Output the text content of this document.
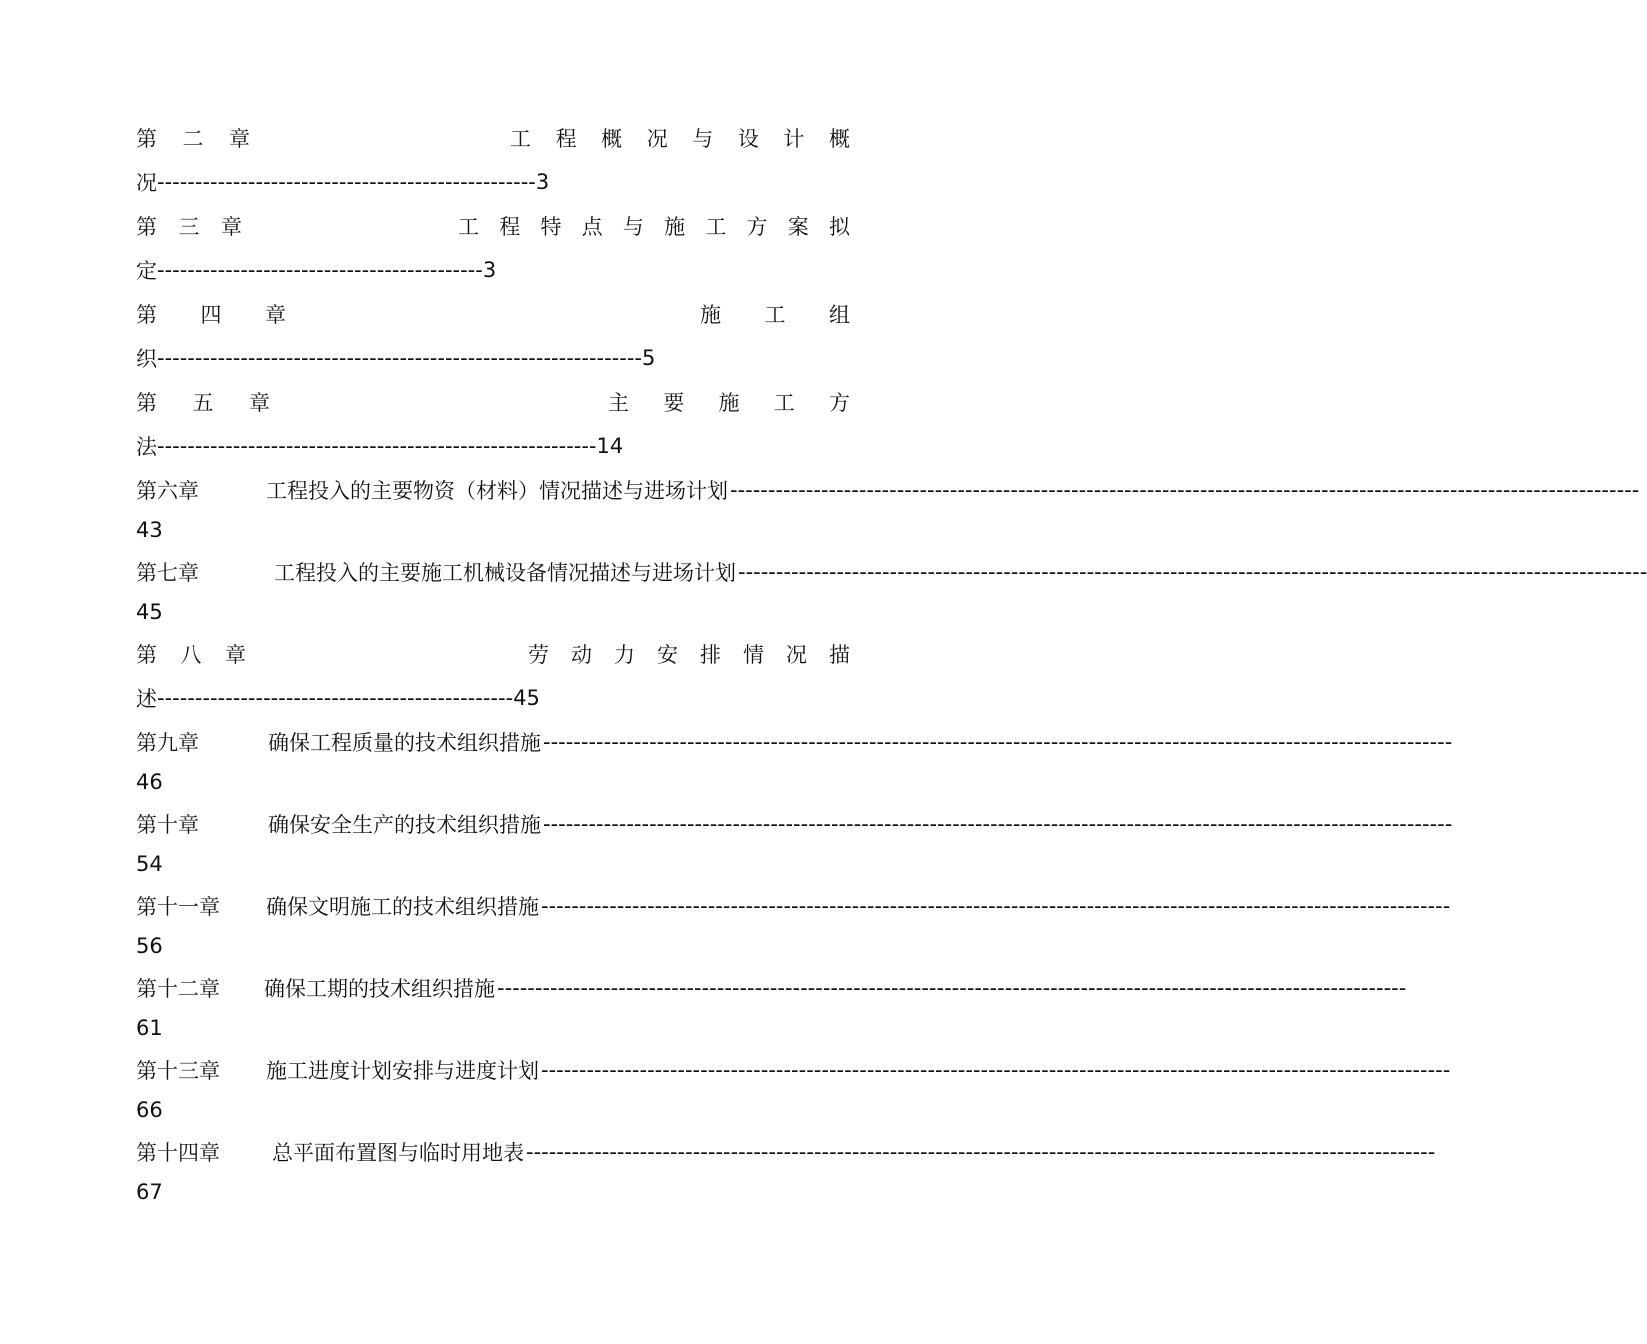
第 二 章	工 程 概 况 与 设 计 概
况 -------------------------------------------------- 3
第 三 章	工 程 特 点 与 施 工 方 案 拟
定 ------------------------------------------- 3
第 四 章	施 工 组
织 ---------------------------------------------------------------- 5
第 五 章	主 要 施 工 方
法 ---------------------------------------------------------- 14
第六章	工程投入的主要物资（材料）情况描述与进场计划 ------------------------------------------------------------------------------------------------------------------------
43
第七章	工程投入的主要施工机械设备情况描述与进场计划 ------------------------------------------------------------------------------------------------------------------------
45
第 八 章	劳 动 力 安 排 情 况 描
述 ----------------------------------------------- 45
第九章	确保工程质量的技术组织措施 ------------------------------------------------------------------------------------------------------------------------
46
第十章	确保安全生产的技术组织措施 ------------------------------------------------------------------------------------------------------------------------
54
第十一章	确保文明施工的技术组织措施 ------------------------------------------------------------------------------------------------------------------------
56
第十二章	确保工期的技术组织措施 ------------------------------------------------------------------------------------------------------------------------
61
第十三章	施工进度计划安排与进度计划 ------------------------------------------------------------------------------------------------------------------------
66
第十四章	总平面布置图与临时用地表 ------------------------------------------------------------------------------------------------------------------------
67
